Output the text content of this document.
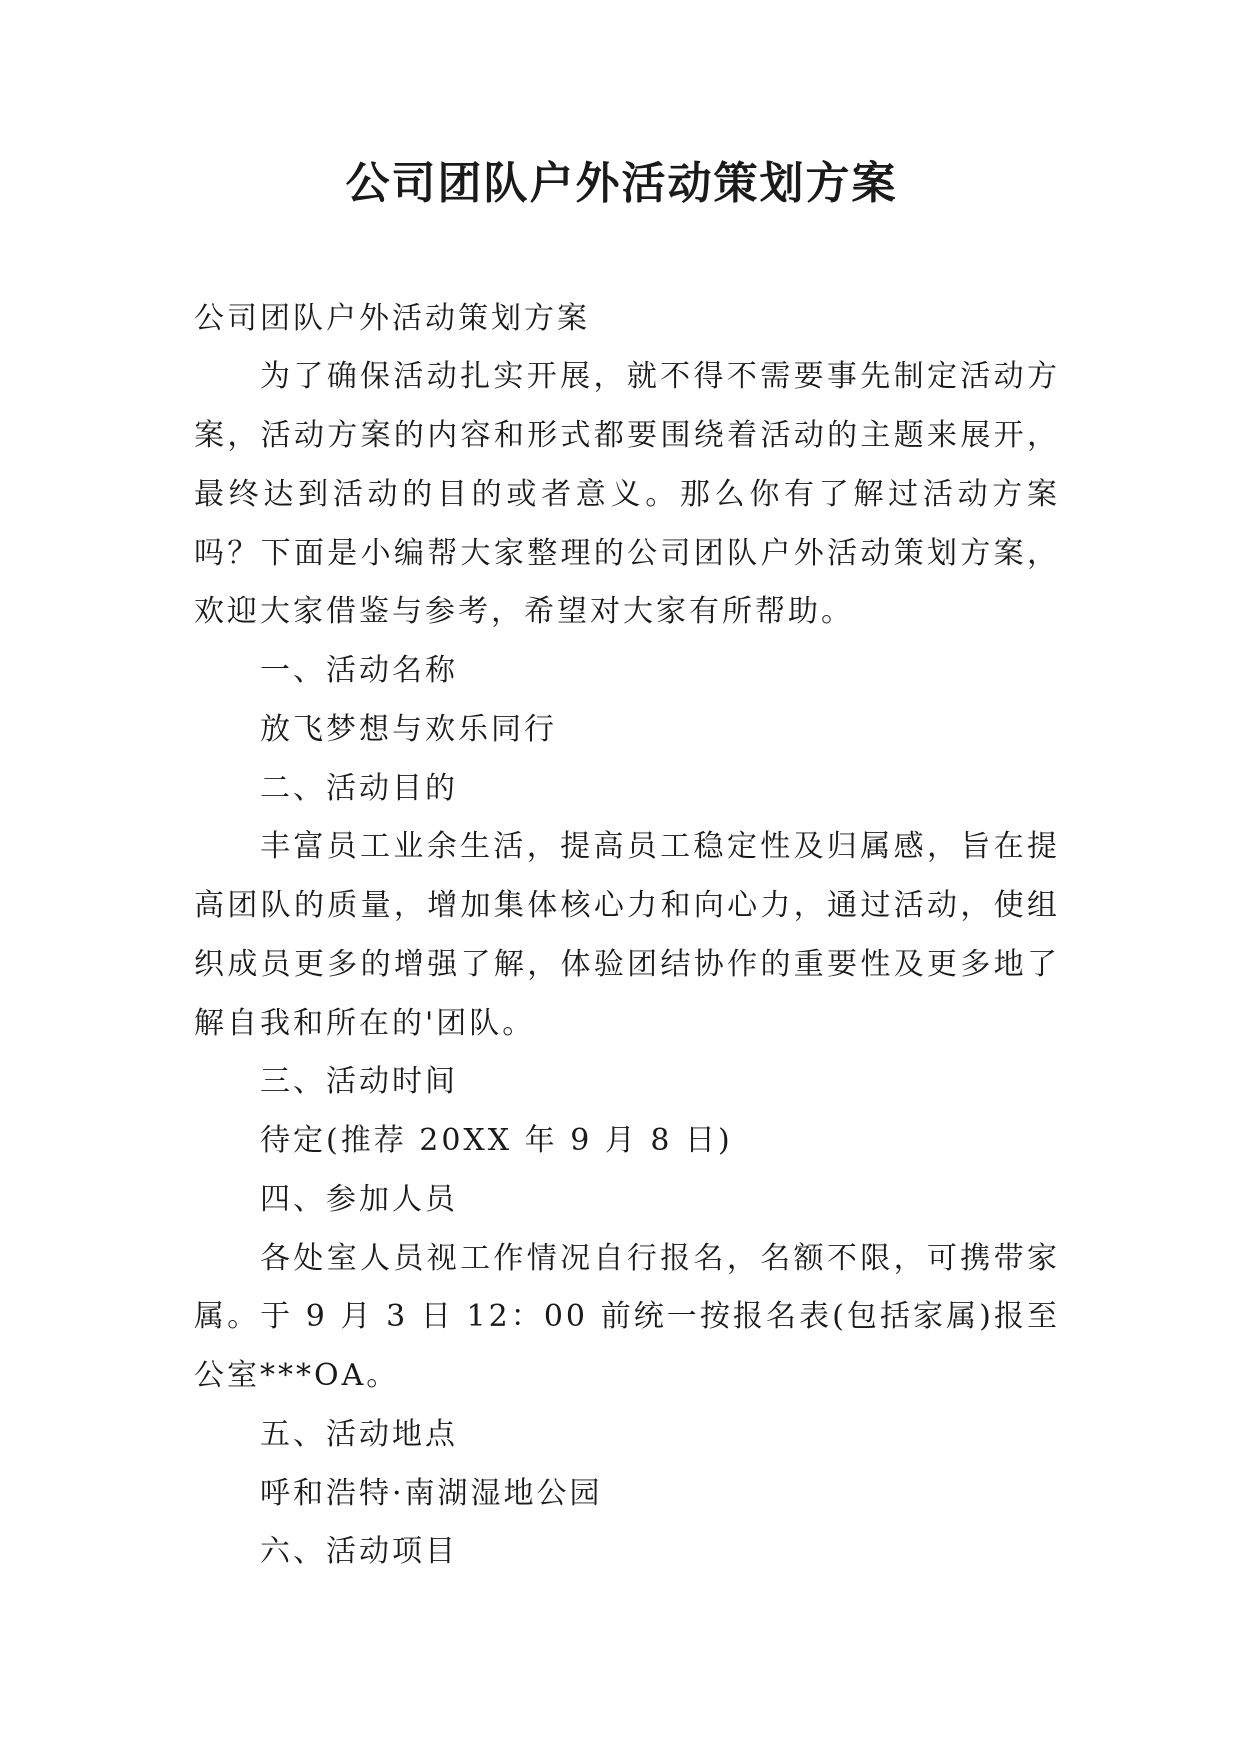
公司团队户外活动策划方案
公司团队户外活动策划方案
为了确保活动扎实开展，就不得不需要事先制定活动方
案，活动方案的内容和形式都要围绕着活动的主题来展开，
最终达到活动的目的或者意义。那么你有了解过活动方案
吗？下面是小编帮大家整理的公司团队户外活动策划方案，
欢迎大家借鉴与参考，希望对大家有所帮助。
一、活动名称
放飞梦想与欢乐同行
二、活动目的
丰富员工业余生活，提高员工稳定性及归属感，旨在提
高团队的质量，增加集体核心力和向心力，通过活动，使组
织成员更多的增强了解，体验团结协作的重要性及更多地了
解自我和所在的'团队。
三、活动时间
待定(推荐 20XX 年 9 月 8 日)
四、参加人员
各处室人员视工作情况自行报名，名额不限，可携带家
属。于 9 月 3 日 12：00 前统一按报名表(包括家属)报至
公室***OA。
五、活动地点
呼和浩特·南湖湿地公园
六、活动项目
